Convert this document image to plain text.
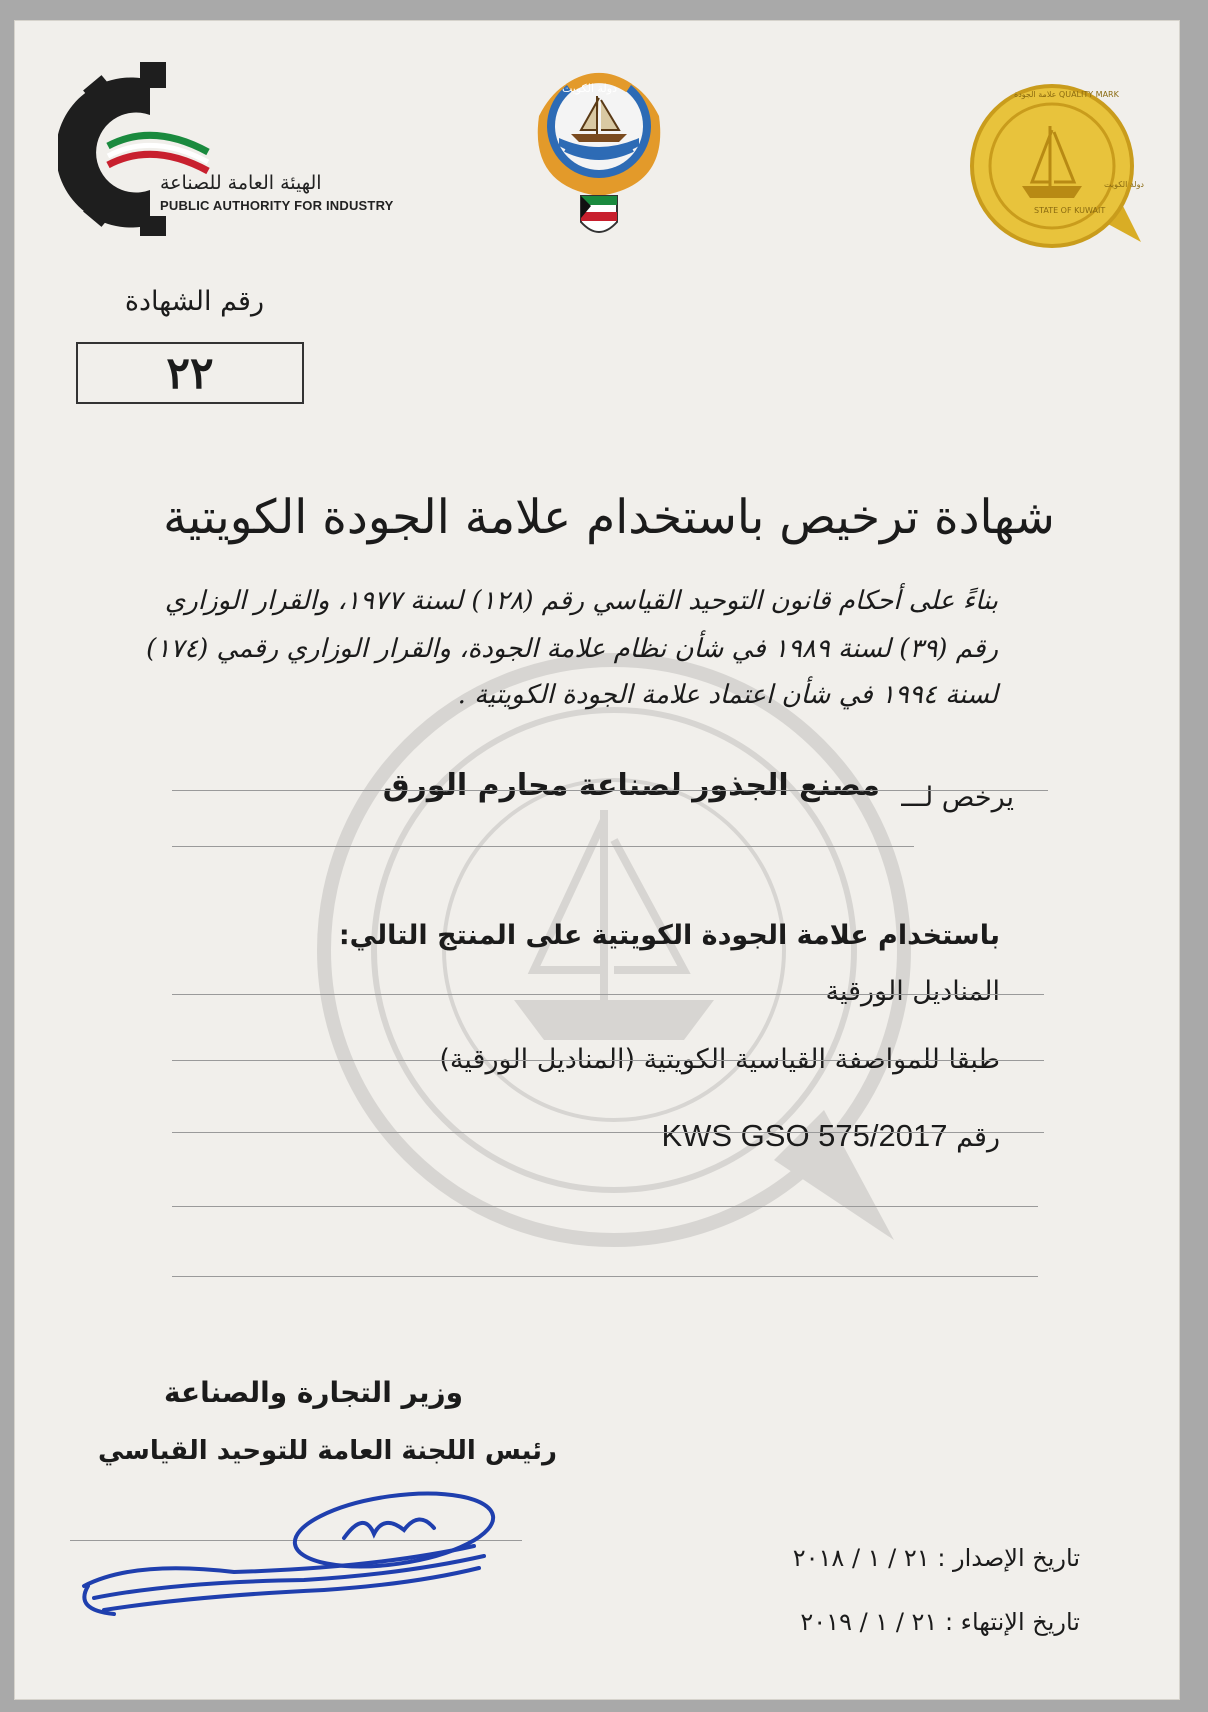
الهيئة العامة للصناعة
PUBLIC AUTHORITY FOR INDUSTRY
دولة الكويت	علامة الجودة QUALITY MARK
STATE OF KUWAIT
دولة الكويت
رقم الشهادة
٢٢
شهادة ترخيص باستخدام علامة الجودة الكويتية
بناءً على أحكام قانون التوحيد القياسي رقم (١٢٨) لسنة ١٩٧٧، والقرار الوزاري
رقم (٣٩) لسنة ١٩٨٩ في شأن نظام علامة الجودة، والقرار الوزاري رقمي (١٧٤)
لسنة ١٩٩٤ في شأن اعتماد علامة الجودة الكويتية .
يرخص لـــ
مصنع الجذور لصناعة محارم الورق
باستخدام علامة الجودة الكويتية على المنتج التالي:
المناديل الورقية
طبقا للمواصفة القياسية الكويتية (المناديل الورقية)
رقم KWS GSO 575/2017
وزير التجارة والصناعة
رئيس اللجنة العامة للتوحيد القياسي
تاريخ الإصدار : ٢١ / ١ / ٢٠١٨
تاريخ الإنتهاء : ٢١ / ١ / ٢٠١٩
